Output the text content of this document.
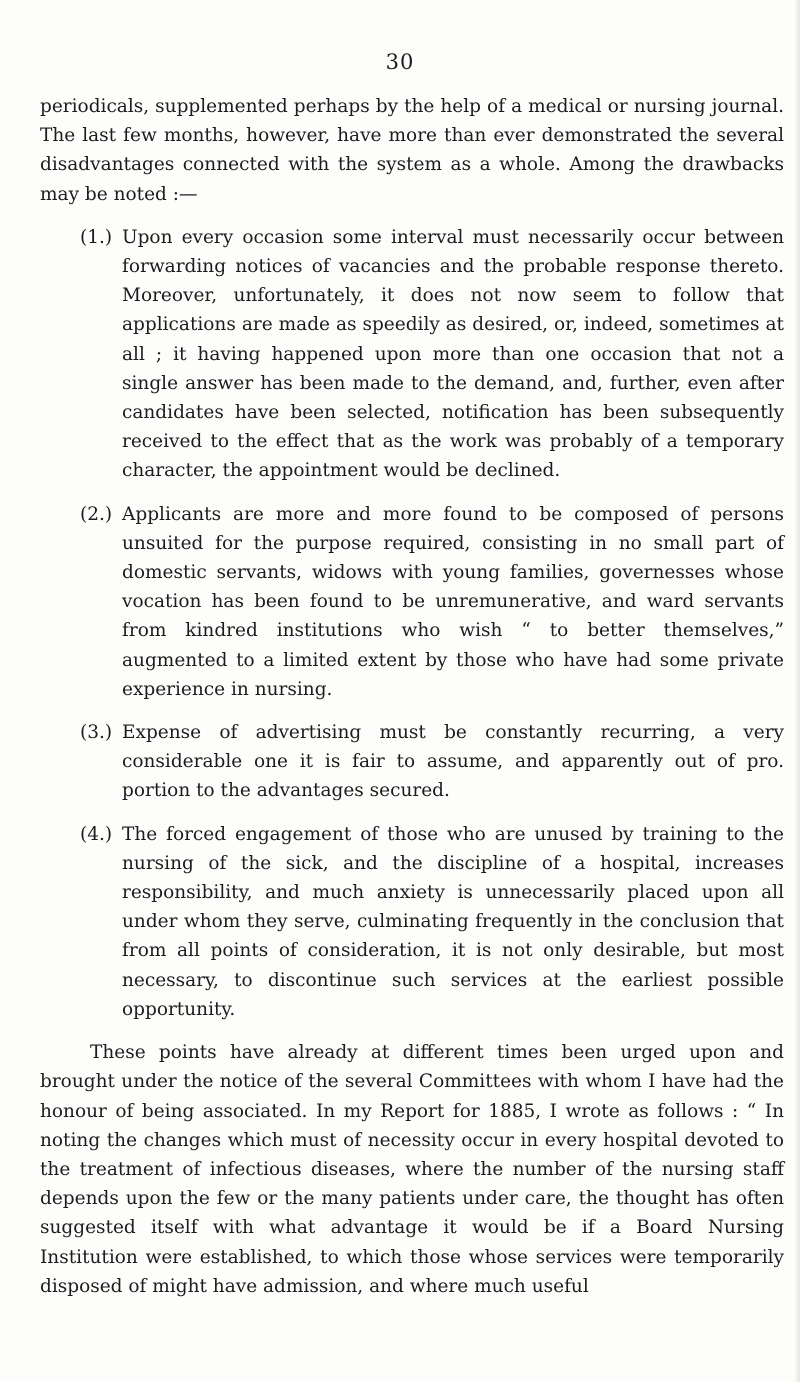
30

periodicals, supplemented perhaps by the help of a medical or nursing journal. The last few months, however, have more than ever demonstrated the several disadvantages connected with the system as a whole. Among the drawbacks may be noted :—

(1.) Upon every occasion some interval must necessarily occur between forwarding notices of vacancies and the probable response thereto. Moreover, unfortunately, it does not now seem to follow that applications are made as speedily as desired, or, indeed, sometimes at all ; it having happened upon more than one occasion that not a single answer has been made to the demand, and, further, even after candidates have been selected, notification has been subsequently received to the effect that as the work was probably of a temporary character, the appointment would be declined.
(2.) Applicants are more and more found to be composed of persons unsuited for the purpose required, consisting in no small part of domestic servants, widows with young families, governesses whose vocation has been found to be unremunerative, and ward servants from kindred institutions who wish “ to better themselves,” augmented to a limited extent by those who have had some private experience in nursing.
(3.) Expense of advertising must be constantly recurring, a very considerable one it is fair to assume, and apparently out of pro. portion to the advantages secured.
(4.) The forced engagement of those who are unused by training to the nursing of the sick, and the discipline of a hospital, increases responsibility, and much anxiety is unnecessarily placed upon all under whom they serve, culminating frequently in the conclusion that from all points of consideration, it is not only desirable, but most necessary, to discontinue such services at the earliest possible opportunity.

These points have already at different times been urged upon and brought under the notice of the several Committees with whom I have had the honour of being associated. In my Report for 1885, I wrote as follows : “ In noting the changes which must of necessity occur in every hospital devoted to the treatment of infectious diseases, where the number of the nursing staff depends upon the few or the many patients under care, the thought has often suggested itself with what advantage it would be if a Board Nursing Institution were established, to which those whose services were temporarily disposed of might have admission, and where much useful
